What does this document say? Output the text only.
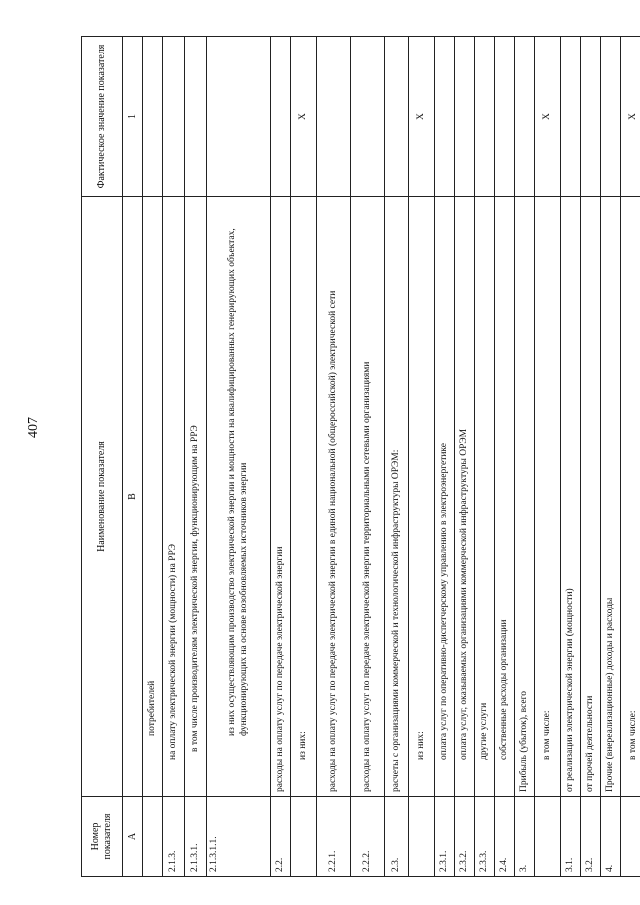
407
Номер показателя	Наименование показателя	Фактическое значение показателя
А	В	1
	потребителей	
2.1.3.	на оплату электрической энергии (мощности) на РРЭ	
2.1.3.1.	в том числе производителям электрической энергии, функционирующим на РРЭ	
2.1.3.1.1.	из них осуществляющим производство электрической энергии и мощности на квалифицированных генерирующих объектах, функционирующих на основе возобновляемых источников энергии	
2.2.	расходы на оплату услуг по передаче электрической энергии	
	из них:	X
2.2.1.	расходы на оплату услуг по передаче электрической энергии в единой национальной (общероссийской) электрической сети	
2.2.2.	расходы на оплату услуг по передаче электрической энергии территориальными сетевыми организациями	
2.3.	расчеты с организациями коммерческой и технологической инфраструктуры ОРЭМ:	
	из них:	X
2.3.1.	оплата услуг по оперативно-диспетчерскому управлению в электроэнергетике	
2.3.2.	оплата услуг, оказываемых организациями коммерческой инфраструктуры ОРЭМ	
2.3.3.	другие услуги	
2.4.	собственные расходы организации	
3.	Прибыль (убыток), всего	
	в том числе:	X
3.1.	от реализации электрической энергии (мощности)	
3.2.	от прочей деятельности	
4.	Прочие (внереализационные) доходы и расходы	
	в том числе:	X
